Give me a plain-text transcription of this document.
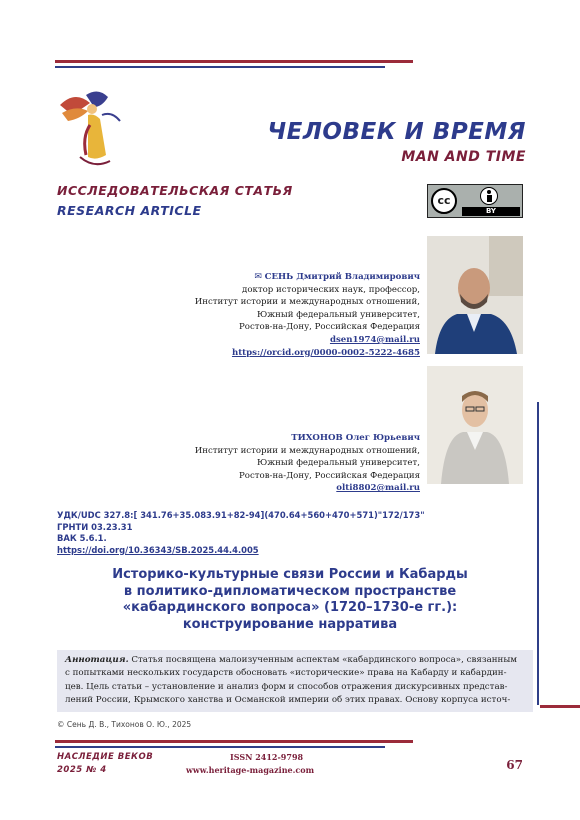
ЧЕЛОВЕК И ВРЕМЯ
MAN AND TIME
ИССЛЕДОВАТЕЛЬСКАЯ СТАТЬЯ
RESEARCH ARTICLE
cc
BY
✉ СЕНЬ Дмитрий Владимирович
доктор исторических наук, профессор,
Институт истории и международных отношений,
Южный федеральный университет,
Ростов-на-Дону, Российская Федерация
dsen1974@mail.ru
https://orcid.org/0000-0002-5222-4685
ТИХОНОВ Олег Юрьевич
Институт истории и международных отношений,
Южный федеральный университет,
Ростов-на-Дону, Российская Федерация
olti8802@mail.ru
УДК/UDC 327.8:[ 341.76+35.083.91+82-94](470.64+560+470+571)"172/173"
ГРНТИ 03.23.31
ВАК 5.6.1.
https://doi.org/10.36343/SB.2025.44.4.005
Историко-культурные связи России и Кабарды
в политико-дипломатическом пространстве
«кабардинского вопроса» (1720–1730-е гг.):
конструирование нарратива
Аннотация. Статья посвящена малоизученным аспектам «кабардинского вопроса», связанным
с попытками нескольких государств обосновать «исторические» права на Кабарду и кабардин-
цев. Цель статьи – установление и анализ форм и способов отражения дискурсивных представ-
лений России, Крымского ханства и Османской империи об этих правах. Основу корпуса источ-
© Сень Д. В., Тихонов О. Ю., 2025
НАСЛЕДИЕ ВЕКОВ
2025 № 4
ISSN 2412-9798
www.heritage-magazine.com	67
